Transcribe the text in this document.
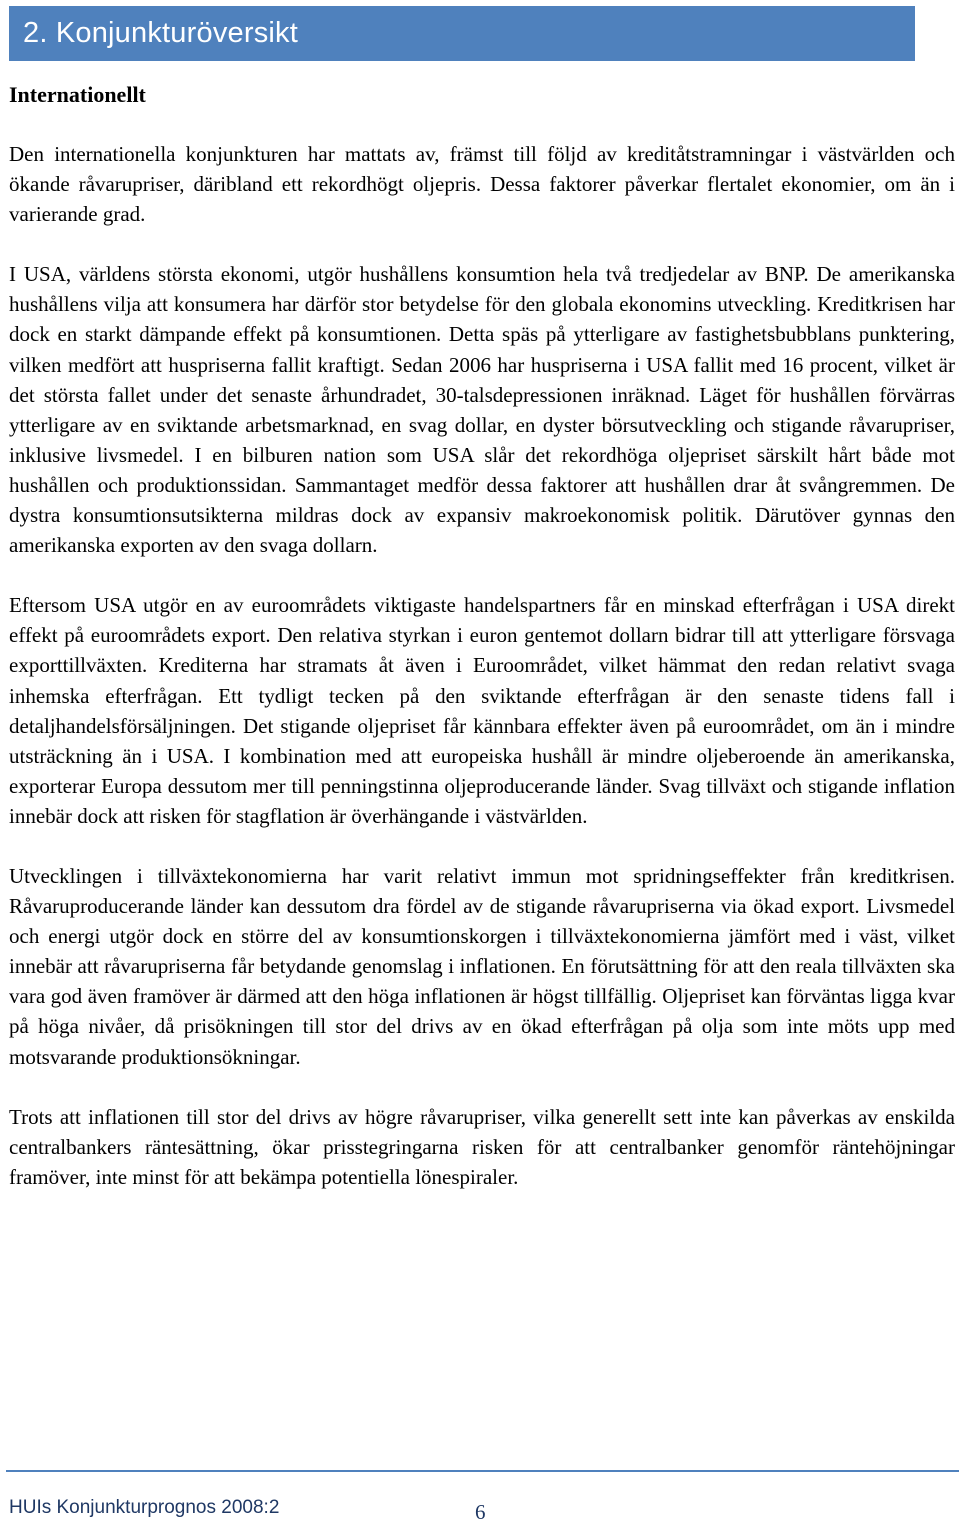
2. Konjunkturöversikt
Internationellt

Den internationella konjunkturen har mattats av, främst till följd av kreditåtstramningar i västvärlden och ökande råvarupriser, däribland ett rekordhögt oljepris. Dessa faktorer påverkar flertalet ekonomier, om än i varierande grad.

I USA, världens största ekonomi, utgör hushållens konsumtion hela två tredjedelar av BNP. De amerikanska hushållens vilja att konsumera har därför stor betydelse för den globala ekonomins utveckling. Kreditkrisen har dock en starkt dämpande effekt på konsumtionen. Detta späs på ytterligare av fastighetsbubblans punktering, vilken medfört att huspriserna fallit kraftigt. Sedan 2006 har huspriserna i USA fallit med 16 procent, vilket är det största fallet under det senaste århundradet, 30-talsdepressionen inräknad. Läget för hushållen förvärras ytterligare av en sviktande arbetsmarknad, en svag dollar, en dyster börsutveckling och stigande råvarupriser, inklusive livsmedel. I en bilburen nation som USA slår det rekordhöga oljepriset särskilt hårt både mot hushållen och produktionssidan. Sammantaget medför dessa faktorer att hushållen drar åt svångremmen. De dystra konsumtionsutsikterna mildras dock av expansiv makroekonomisk politik. Därutöver gynnas den amerikanska exporten av den svaga dollarn.

Eftersom USA utgör en av euroområdets viktigaste handelspartners får en minskad efterfrågan i USA direkt effekt på euroområdets export. Den relativa styrkan i euron gentemot dollarn bidrar till att ytterligare försvaga exporttillväxten. Krediterna har stramats åt även i Euroområdet, vilket hämmat den redan relativt svaga inhemska efterfrågan. Ett tydligt tecken på den sviktande efterfrågan är den senaste tidens fall i detaljhandelsförsäljningen. Det stigande oljepriset får kännbara effekter även på euroområdet, om än i mindre utsträckning än i USA. I kombination med att europeiska hushåll är mindre oljeberoende än amerikanska, exporterar Europa dessutom mer till penningstinna oljeproducerande länder. Svag tillväxt och stigande inflation innebär dock att risken för stagflation är överhängande i västvärlden.

Utvecklingen i tillväxtekonomierna har varit relativt immun mot spridningseffekter från kreditkrisen. Råvaruproducerande länder kan dessutom dra fördel av de stigande råvarupriserna via ökad export. Livsmedel och energi utgör dock en större del av konsumtionskorgen i tillväxtekonomierna jämfört med i väst, vilket innebär att råvarupriserna får betydande genomslag i inflationen. En förutsättning för att den reala tillväxten ska vara god även framöver är därmed att den höga inflationen är högst tillfällig. Oljepriset kan förväntas ligga kvar på höga nivåer, då prisökningen till stor del drivs av en ökad efterfrågan på olja som inte möts upp med motsvarande produktionsökningar.

Trots att inflationen till stor del drivs av högre råvarupriser, vilka generellt sett inte kan påverkas av enskilda centralbankers räntesättning, ökar prisstegringarna risken för att centralbanker genomför räntehöjningar framöver, inte minst för att bekämpa potentiella lönespiraler.

HUIs Konjunkturprognos 2008:2	6
